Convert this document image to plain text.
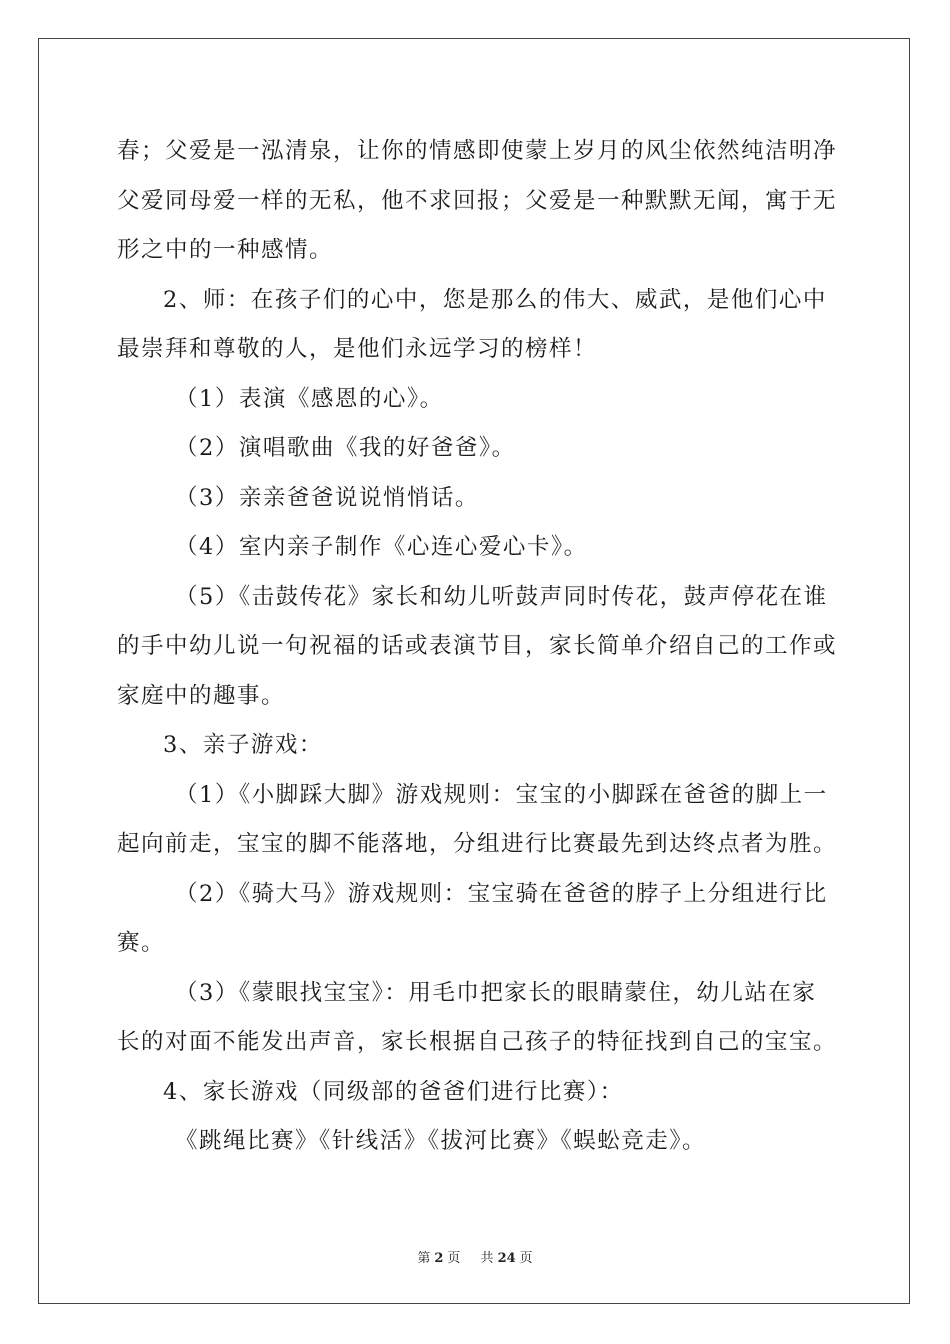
春；父爱是一泓清泉，让你的情感即使蒙上岁月的风尘依然纯洁明净
父爱同母爱一样的无私，他不求回报；父爱是一种默默无闻，寓于无
形之中的一种感情。
2、师：在孩子们的心中，您是那么的伟大、威武，是他们心中
最崇拜和尊敬的人，是他们永远学习的榜样！
（1）表演《感恩的心》。
（2）演唱歌曲《我的好爸爸》。
（3）亲亲爸爸说说悄悄话。
（4）室内亲子制作《心连心爱心卡》。
（5）《击鼓传花》家长和幼儿听鼓声同时传花，鼓声停花在谁
的手中幼儿说一句祝福的话或表演节目，家长简单介绍自己的工作或
家庭中的趣事。
3、亲子游戏：
（1）《小脚踩大脚》游戏规则：宝宝的小脚踩在爸爸的脚上一
起向前走，宝宝的脚不能落地，分组进行比赛最先到达终点者为胜。
（2）《骑大马》游戏规则：宝宝骑在爸爸的脖子上分组进行比
赛。
（3）《蒙眼找宝宝》：用毛巾把家长的眼睛蒙住，幼儿站在家
长的对面不能发出声音，家长根据自己孩子的特征找到自己的宝宝。
4、家长游戏（同级部的爸爸们进行比赛）：
《跳绳比赛》《针线活》《拔河比赛》《蜈蚣竞走》。
第 2 页 共 24 页
